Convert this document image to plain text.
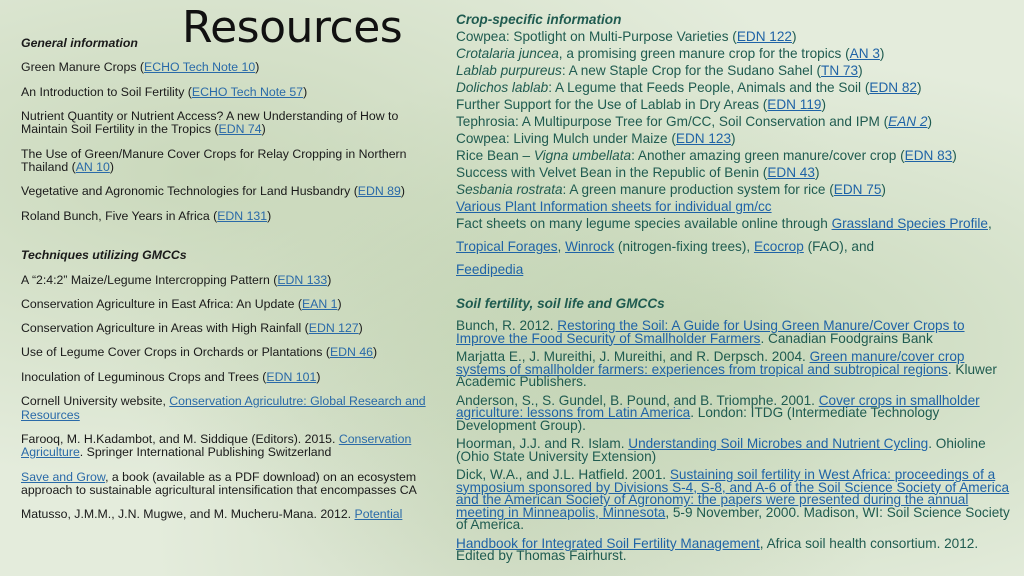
Resources

General information

Green Manure Crops (ECHO Tech Note 10)

An Introduction to Soil Fertility (ECHO Tech Note 57)

Nutrient Quantity or Nutrient Access? A new Understanding of How to Maintain Soil Fertility in the Tropics (EDN 74)

The Use of Green/Manure Cover Crops for Relay Cropping in Northern Thailand (AN 10)

Vegetative and Agronomic Technologies for Land Husbandry (EDN 89)

Roland Bunch, Five Years in Africa (EDN 131)

Techniques utilizing GMCCs

A “2:4:2” Maize/Legume Intercropping Pattern (EDN 133)

Conservation Agriculture in East Africa: An Update (EAN 1)

Conservation Agriculture in Areas with High Rainfall (EDN 127)

Use of Legume Cover Crops in Orchards or Plantations (EDN 46)

Inoculation of Leguminous Crops and Trees (EDN 101)

Cornell University website, Conservation Agriculutre: Global Research and Resources

Farooq, M. H.Kadambot, and M. Siddique (Editors). 2015. Conservation Agriculture. Springer International Publishing Switzerland

Save and Grow, a book (available as a PDF download) on an ecosystem approach to sustainable agricultural intensification that encompasses CA

Matusso, J.M.M., J.N. Mugwe, and M. Mucheru-Mana. 2012. Potential

Crop-specific information
Cowpea: Spotlight on Multi-Purpose Varieties (EDN 122)
Crotalaria juncea, a promising green manure crop for the tropics (AN 3)
Lablab purpureus: A new Staple Crop for the Sudano Sahel (TN 73)
Dolichos lablab: A Legume that Feeds People, Animals and the Soil (EDN 82)
Further Support for the Use of Lablab in Dry Areas (EDN 119)
Tephrosia: A Multipurpose Tree for Gm/CC, Soil Conservation and IPM (EAN 2)
Cowpea: Living Mulch under Maize (EDN 123)
Rice Bean – Vigna umbellata: Another amazing green manure/cover crop (EDN 83)
Success with Velvet Bean in the Republic of Benin (EDN 43)
Sesbania rostrata: A green manure production system for rice (EDN 75)
Various Plant Information sheets for individual gm/cc
Fact sheets on many legume species available online through Grassland Species Profile, Tropical Forages, Winrock (nitrogen-fixing trees), Ecocrop (FAO), and
Feedipedia
Soil fertility, soil life and GMCCs

Bunch, R. 2012. Restoring the Soil: A Guide for Using Green Manure/Cover Crops to Improve the Food Security of Smallholder Farmers. Canadian Foodgrains Bank

Marjatta E., J. Mureithi, J. Mureithi, and R. Derpsch. 2004. Green manure/cover crop systems of smallholder farmers: experiences from tropical and subtropical regions. Kluwer Academic Publishers.

Anderson, S., S. Gundel, B. Pound, and B. Triomphe. 2001. Cover crops in smallholder agriculture: lessons from Latin America. London: ITDG (Intermediate Technology Development Group).

Hoorman, J.J. and R. Islam. Understanding Soil Microbes and Nutrient Cycling. Ohioline (Ohio State University Extension)

Dick, W.A., and J.L. Hatfield. 2001. Sustaining soil fertility in West Africa: proceedings of a symposium sponsored by Divisions S-4, S-8, and A-6 of the Soil Science Society of America and the American Society of Agronomy: the papers were presented during the annual meeting in Minneapolis, Minnesota, 5-9 November, 2000. Madison, WI: Soil Science Society of America.

Handbook for Integrated Soil Fertility Management, Africa soil health consortium. 2012. Edited by Thomas Fairhurst.
